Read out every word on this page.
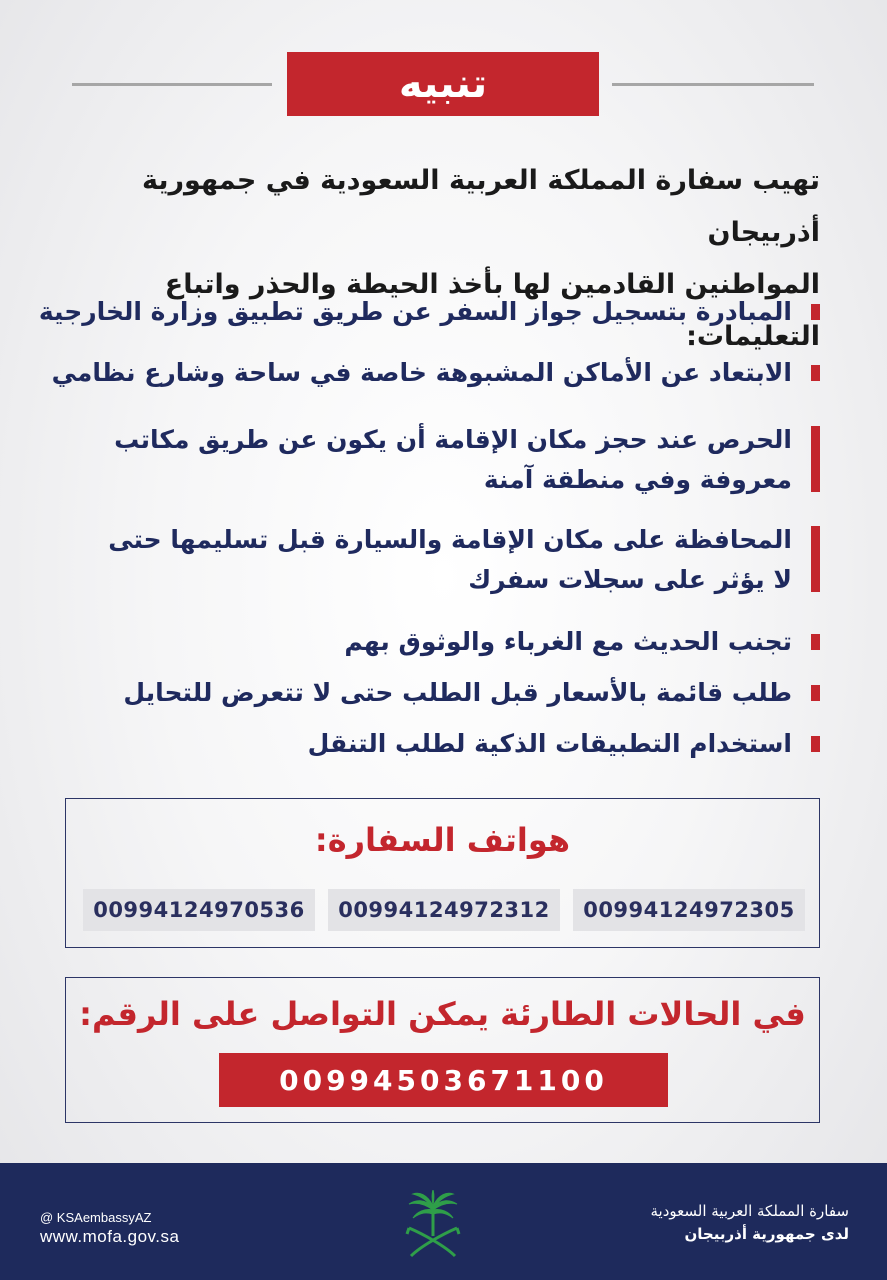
تنبيه
تهيب سفارة المملكة العربية السعودية في جمهورية أذربيجان
المواطنين القادمين لها بأخذ الحيطة والحذر واتباع التعليمات:
المبادرة بتسجيل جواز السفر عن طريق تطبيق وزارة الخارجية
الابتعاد عن الأماكن المشبوهة خاصة في ساحة وشارع نظامي
الحرص عند حجز مكان الإقامة أن يكون عن طريق مكاتب
معروفة وفي منطقة آمنة
المحافظة على مكان الإقامة والسيارة قبل تسليمها حتى
لا يؤثر على سجلات سفرك
تجنب الحديث مع الغرباء والوثوق بهم
طلب قائمة بالأسعار قبل الطلب حتى لا تتعرض للتحايل
استخدام التطبيقات الذكية لطلب التنقل
هواتف السفارة:
00994124970536	00994124972312	00994124972305
في الحالات الطارئة يمكن التواصل على الرقم:
00994503671100
@ KSAembassyAZ
www.mofa.gov.sa
سفارة المملكة العربية السعودية
لدى جمهورية أذربيجان
